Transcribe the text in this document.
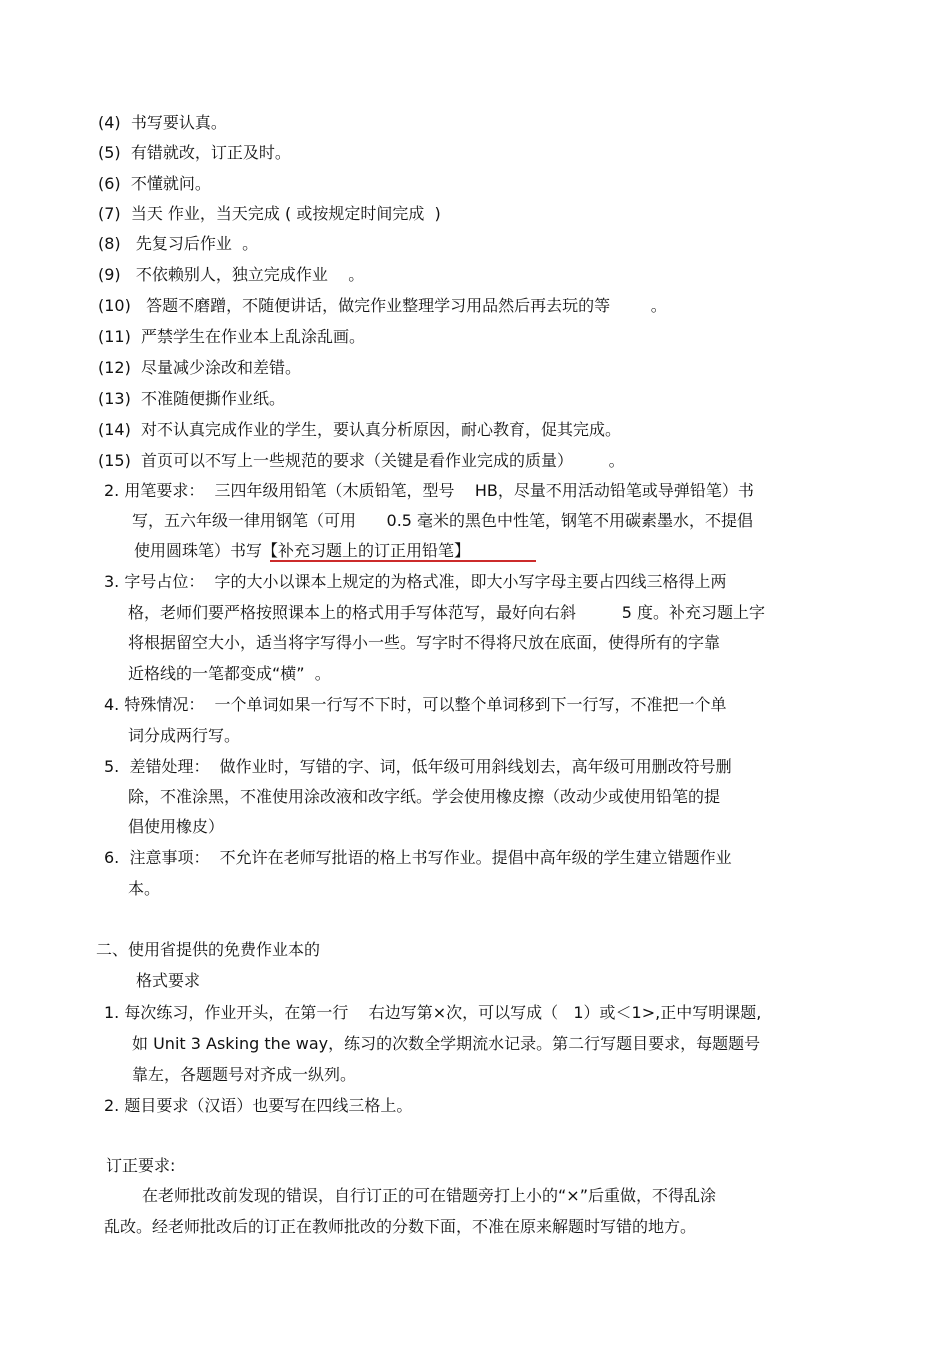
(4) 书写要认真。
(5) 有错就改，订正及时。
(6) 不懂就问。
(7) 当天 作业，当天完成 ( 或按规定时间完成  )
(8)   先复习后作业  。
(9)   不依赖别人，独立完成作业    。
(10)   答题不磨蹭，不随便讲话，做完作业整理学习用品然后再去玩的等        。
(11) 严禁学生在作业本上乱涂乱画。
(12) 尽量减少涂改和差错。
(13) 不准随便撕作业纸。
(14) 对不认真完成作业的学生，要认真分析原因，耐心教育，促其完成。
(15) 首页可以不写上一些规范的要求（关键是看作业完成的质量）       。
2. 用笔要求：  三四年级用铅笔（木质铅笔，型号    HB，尽量不用活动铅笔或导弹铅笔）书
写，五六年级一律用钢笔（可用      0.5 毫米的黑色中性笔，钢笔不用碳素墨水，不提倡
使用圆珠笔）书写【补充习题上的订正用铅笔】
3. 字号占位：  字的大小以课本上规定的为格式准，即大小写字母主要占四线三格得上两
格，老师们要严格按照课本上的格式用手写体范写，最好向右斜         5 度。补充习题上字
将根据留空大小，适当将字写得小一些。写字时不得将尺放在底面，使得所有的字靠
近格线的一笔都变成“横”  。
4. 特殊情况：  一个单词如果一行写不下时，可以整个单词移到下一行写，不准把一个单
词分成两行写。
5.  差错处理：  做作业时，写错的字、词，低年级可用斜线划去，高年级可用删改符号删
除，不准涂黑，不准使用涂改液和改字纸。学会使用橡皮擦（改动少或使用铅笔的提
倡使用橡皮）
6.  注意事项：  不允许在老师写批语的格上书写作业。提倡中高年级的学生建立错题作业
本。
二、使用省提供的免费作业本的
格式要求
1. 每次练习，作业开头，在第一行    右边写第×次，可以写成（   1）或＜1>,正中写明课题,
如 Unit 3 Asking the way，练习的次数全学期流水记录。第二行写题目要求，每题题号
靠左，各题题号对齐成一纵列。
2. 题目要求（汉语）也要写在四线三格上。
订正要求:
在老师批改前发现的错误，自行订正的可在错题旁打上小的“×”后重做，不得乱涂
乱改。经老师批改后的订正在教师批改的分数下面，不准在原来解题时写错的地方。
